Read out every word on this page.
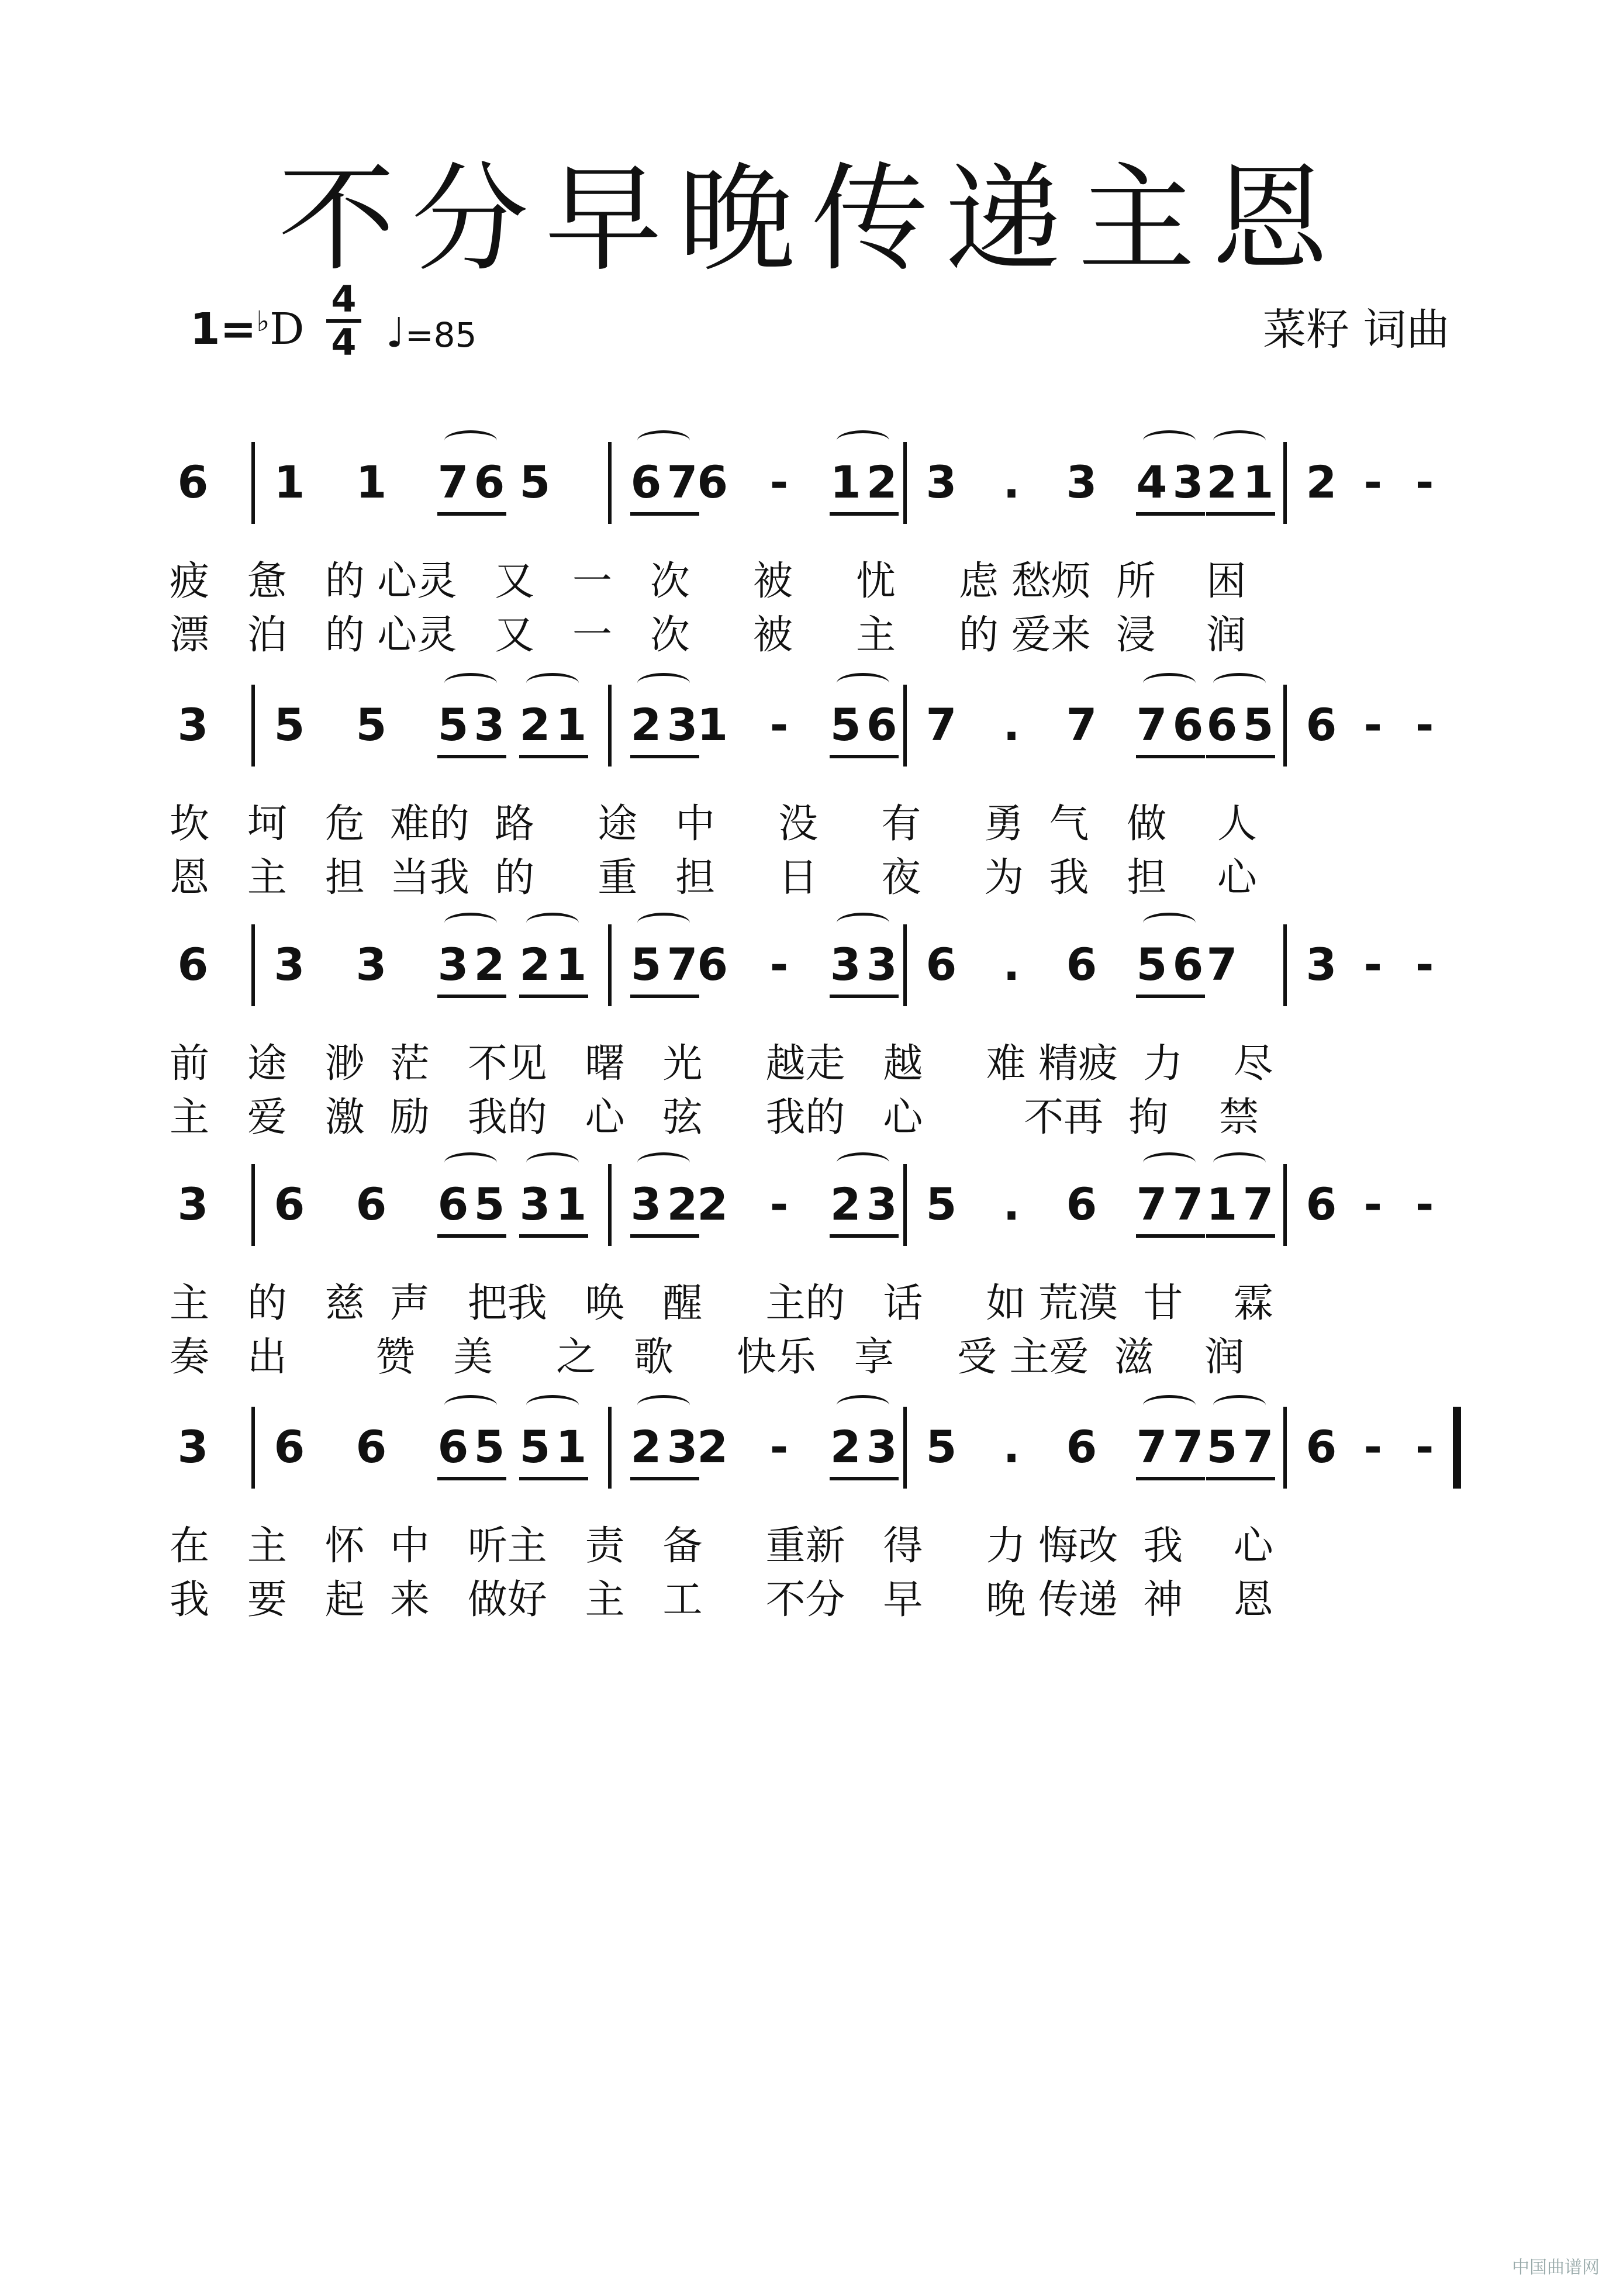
不分早晚传递主恩
1=♭D
4
4 ♩=85	菜籽 词曲
6 1 1 7 6 5 6 7
6 - 1 2 3 . 3 4 3 2 1 2 - -
疲   惫   的 心灵   又   一   次     被     忧     虑 愁烦  所    困
漂   泊   的 心灵   又   一   次     被     主     的 爱来  浸    润
3 5 5 5 3 2 1 2 3
1 - 5 6 7 . 7 7 6 6 5 6 - -
坎   坷   危  难的  路     途   中     没     有     勇  气   做    人
恩   主   担  当我  的     重   担     日     夜     为  我   担    心
6 3 3 3 2 2 1 5 7
6 - 3 3 6 . 6 5 6 7 3 - -
前   途   渺  茫   不见   曙   光     越走   越     难 精疲  力    尽
主   爱   激  励   我的   心   弦     我的   心        不再  拘    禁
3 6 6 6 5 3 1 3 2
2 - 2 3 5 . 6 7 7 1 7 6 - -
主   的   慈  声   把我   唤   醒     主的   话     如 荒漠  甘    霖
奏   出       赞   美     之   歌     快乐   享     受 主爱  滋    润
3 6 6 6 5 5 1 2 3
2 - 2 3 5 . 6 7 7 5 7 6 - -
在   主   怀  中   听主   责   备     重新   得     力 悔改  我    心
我   要   起  来   做好   主   工     不分   早     晚 传递  神    恩
中国曲谱网
